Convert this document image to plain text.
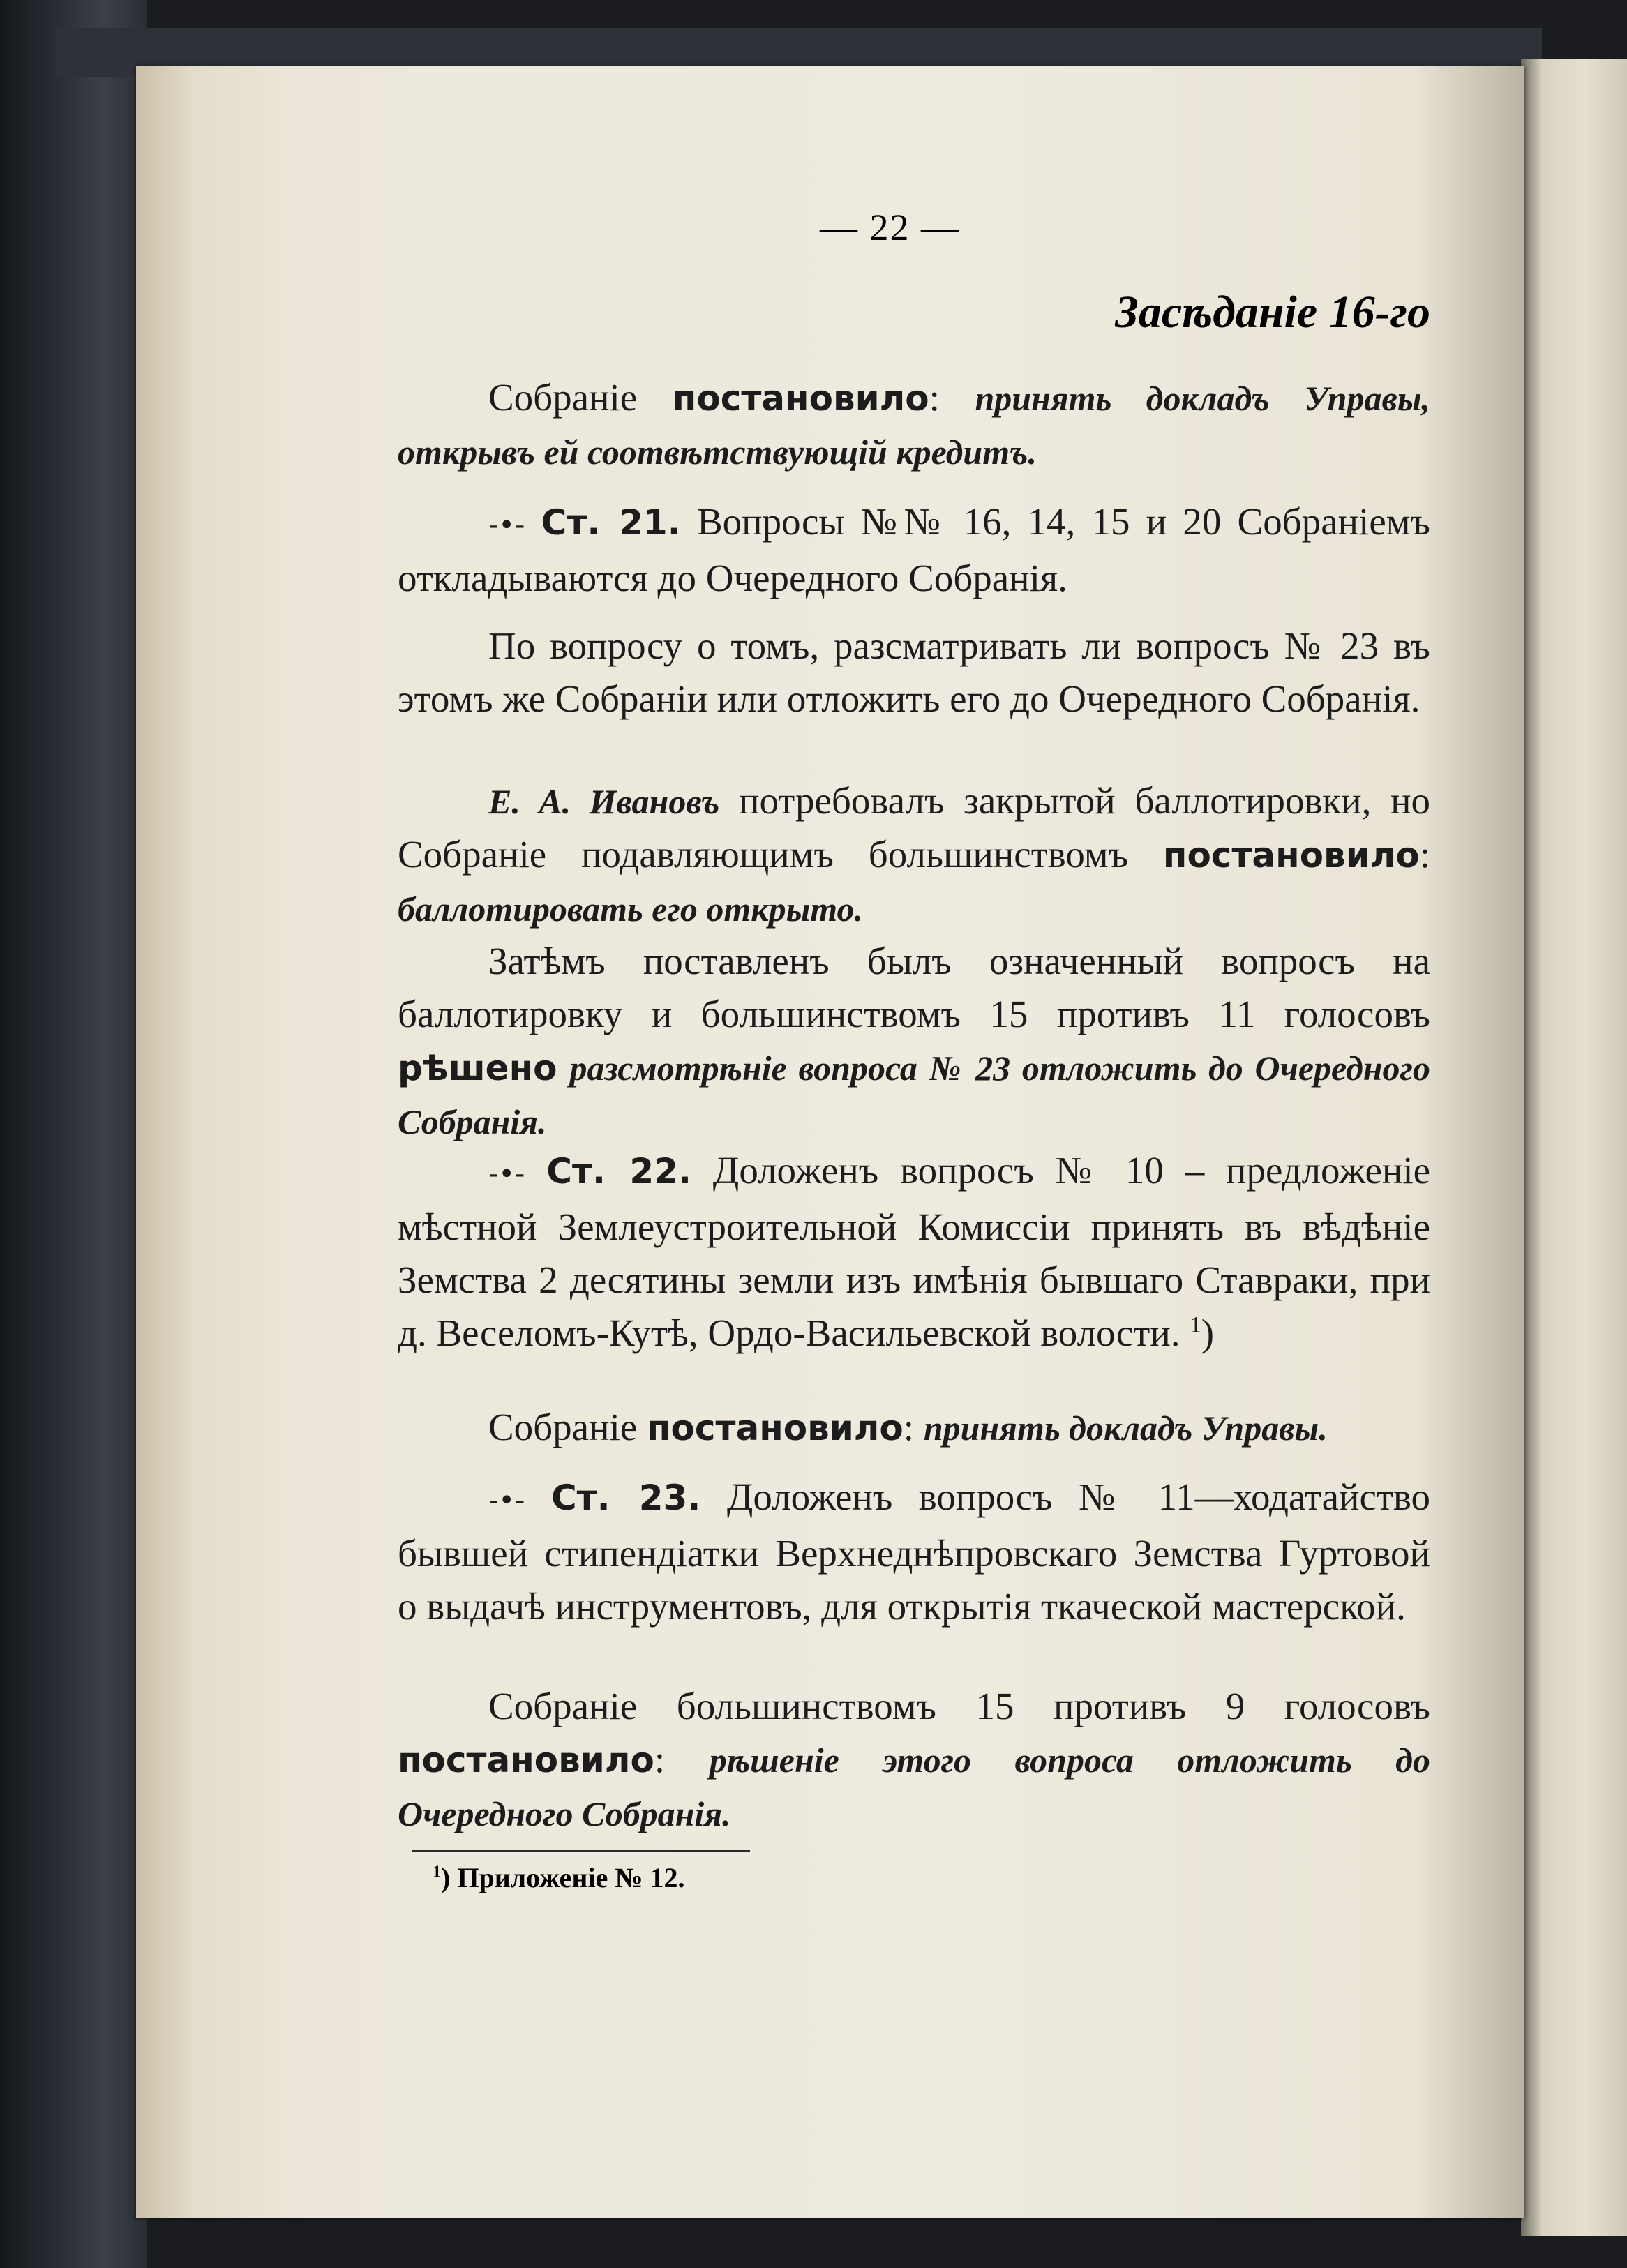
— 22 —
Засѣданіе 16-го
Собраніе постановило: принять докладъ Управы, открывъ ей соотвѣтствующій кредитъ.
-•- Ст. 21. Вопросы №№ 16, 14, 15 и 20 Собраніемъ откладываются до Очередного Собранія.
По вопросу о томъ, разсматривать ли вопросъ № 23 въ этомъ же Собраніи или отложить его до Очередного Собранія.
Е. А. Ивановъ потребовалъ закрытой баллотировки, но Собраніе подавляющимъ большинствомъ постановило: баллотировать его открыто.
Затѣмъ поставленъ былъ означенный вопросъ на баллотировку и большинствомъ 15 противъ 11 голосовъ рѣшено разсмотрѣніе вопроса № 23 отложить до Очередного Собранія.
-•- Ст. 22. Доложенъ вопросъ № 10 – предложеніе мѣстной Землеустроительной Комиссіи принять въ вѣдѣніе Земства 2 десятины земли изъ имѣнія бывшаго Ставраки, при д. Веселомъ-Кутѣ, Ордо-Васильевской волости. $^1$)
Собраніе постановило: принять докладъ Управы.
-•- Ст. 23. Доложенъ вопросъ № 11—ходатайство бывшей стипендіатки Верхнеднѣпровскаго Земства Гуртовой о выдачѣ инструментовъ, для открытія ткаческой мастерской.
Собраніе большинствомъ 15 противъ 9 голосовъ постановило: рѣшеніе этого вопроса отложить до Очередного Собранія.
$^1$) Приложеніе № 12.
